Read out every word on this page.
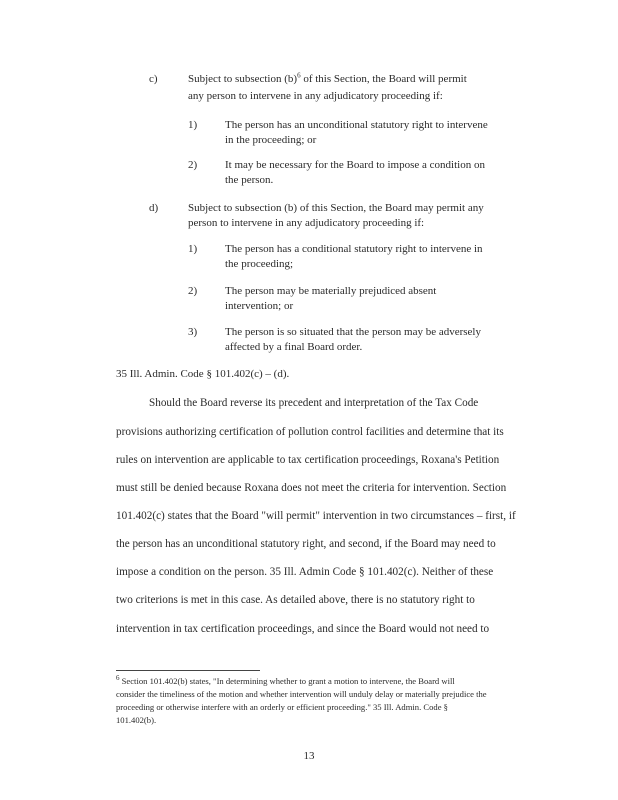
c)	Subject to subsection $(b)^6$ of this Section, the Board will permit
any person to intervene in any adjudicatory proceeding if:
1)	The person has an unconditional statutory right to intervene
in the proceeding; or
2)	It may be necessary for the Board to impose a condition on
the person.
d)	Subject to subsection (b) of this Section, the Board may permit any
person to intervene in any adjudicatory proceeding if:
1)	The person has a conditional statutory right to intervene in
the proceeding;
2)	The person may be materially prejudiced absent
intervention; or
3)	The person is so situated that the person may be adversely
affected by a final Board order.
35 Ill. Admin. Code § 101.402(c) – (d).
Should the Board reverse its precedent and interpretation of the Tax Code
provisions authorizing certification of pollution control facilities and determine that its
rules on intervention are applicable to tax certification proceedings, Roxana's Petition
must still be denied because Roxana does not meet the criteria for intervention. Section
101.402(c) states that the Board "will permit" intervention in two circumstances – first, if
the person has an unconditional statutory right, and second, if the Board may need to
impose a condition on the person. 35 Ill. Admin Code § 101.402(c). Neither of these
two criterions is met in this case. As detailed above, there is no statutory right to
intervention in tax certification proceedings, and since the Board would not need to
$^6$ Section 101.402(b) states, "In determining whether to grant a motion to intervene, the Board will
consider the timeliness of the motion and whether intervention will unduly delay or materially prejudice the
proceeding or otherwise interfere with an orderly or efficient proceeding." 35 Ill. Admin. Code §
101.402(b).
13
